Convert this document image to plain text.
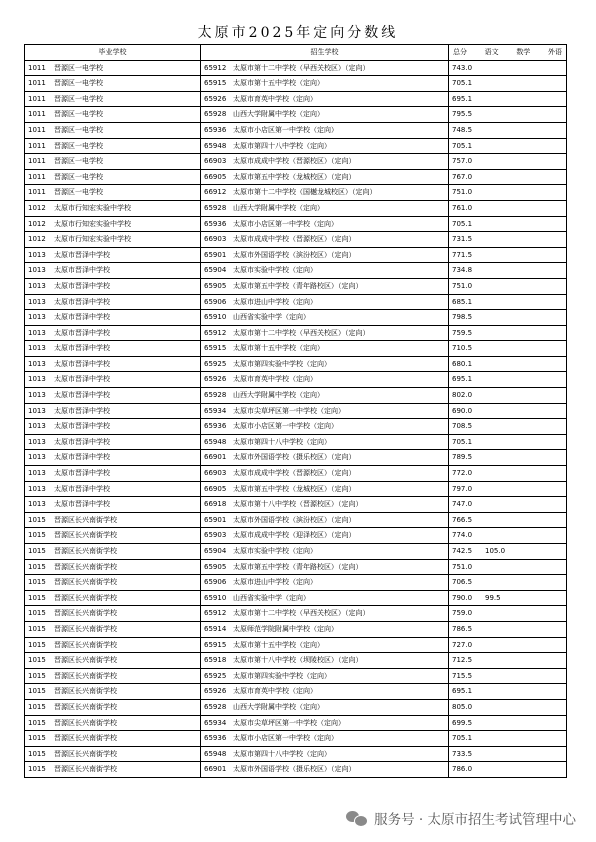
太原市2025年定向分数线
毕业学校	招生学校	总分 语文 数学 外语

1011 晋源区一电学校	65912 太原市第十二中学校（早西关校区）（定向）	743.0

1011 晋源区一电学校	65915 太原市第十五中学校（定向）	705.1

1011 晋源区一电学校	65926 太原市育英中学校（定向）	695.1

1011 晋源区一电学校	65928 山西大学附属中学校（定向）	795.5

1011 晋源区一电学校	65936 太原市小店区第一中学校（定向）	748.5

1011 晋源区一电学校	65948 太原市第四十八中学校（定向）	705.1

1011 晋源区一电学校	66903 太原市成成中学校（晋源校区）（定向）	757.0

1011 晋源区一电学校	66905 太原市第五中学校（龙城校区）（定向）	767.0

1011 晋源区一电学校	66912 太原市第十二中学校（国樾龙城校区）（定向）	751.0

1012 太原市行知宏实验中学校	65928 山西大学附属中学校（定向）	761.0

1012 太原市行知宏实验中学校	65936 太原市小店区第一中学校（定向）	705.1

1012 太原市行知宏实验中学校	66903 太原市成成中学校（晋源校区）（定向）	731.5

1013 太原市晋泽中学校	65901 太原市外国语学校（滨汾校区）（定向）	771.5

1013 太原市晋泽中学校	65904 太原市实验中学校（定向）	734.8

1013 太原市晋泽中学校	65905 太原市第五中学校（青年路校区）（定向）	751.0

1013 太原市晋泽中学校	65906 太原市进山中学校（定向）	685.1

1013 太原市晋泽中学校	65910 山西省实验中学（定向）	798.5

1013 太原市晋泽中学校	65912 太原市第十二中学校（早西关校区）（定向）	759.5

1013 太原市晋泽中学校	65915 太原市第十五中学校（定向）	710.5

1013 太原市晋泽中学校	65925 太原市第四实验中学校（定向）	680.1

1013 太原市晋泽中学校	65926 太原市育英中学校（定向）	695.1

1013 太原市晋泽中学校	65928 山西大学附属中学校（定向）	802.0

1013 太原市晋泽中学校	65934 太原市尖草坪区第一中学校（定向）	690.0

1013 太原市晋泽中学校	65936 太原市小店区第一中学校（定向）	708.5

1013 太原市晋泽中学校	65948 太原市第四十八中学校（定向）	705.1

1013 太原市晋泽中学校	66901 太原市外国语学校（摄乐校区）（定向）	789.5

1013 太原市晋泽中学校	66903 太原市成成中学校（晋源校区）（定向）	772.0

1013 太原市晋泽中学校	66905 太原市第五中学校（龙城校区）（定向）	797.0

1013 太原市晋泽中学校	66918 太原市第十八中学校（晋源校区）（定向）	747.0

1015 晋源区长兴南街学校	65901 太原市外国语学校（滨汾校区）（定向）	766.5

1015 晋源区长兴南街学校	65903 太原市成成中学校（迎泽校区）（定向）	774.0

1015 晋源区长兴南街学校	65904 太原市实验中学校（定向）	742.5 105.0

1015 晋源区长兴南街学校	65905 太原市第五中学校（青年路校区）（定向）	751.0

1015 晋源区长兴南街学校	65906 太原市进山中学校（定向）	706.5

1015 晋源区长兴南街学校	65910 山西省实验中学（定向）	790.0 99.5

1015 晋源区长兴南街学校	65912 太原市第十二中学校（早西关校区）（定向）	759.0

1015 晋源区长兴南街学校	65914 太原师范学院附属中学校（定向）	786.5

1015 晋源区长兴南街学校	65915 太原市第十五中学校（定向）	727.0

1015 晋源区长兴南街学校	65918 太原市第十八中学校（坝陵校区）（定向）	712.5

1015 晋源区长兴南街学校	65925 太原市第四实验中学校（定向）	715.5

1015 晋源区长兴南街学校	65926 太原市育英中学校（定向）	695.1

1015 晋源区长兴南街学校	65928 山西大学附属中学校（定向）	805.0

1015 晋源区长兴南街学校	65934 太原市尖草坪区第一中学校（定向）	699.5

1015 晋源区长兴南街学校	65936 太原市小店区第一中学校（定向）	705.1

1015 晋源区长兴南街学校	65948 太原市第四十八中学校（定向）	733.5

1015 晋源区长兴南街学校	66901 太原市外国语学校（摄乐校区）（定向）	786.0
服务号 · 太原市招生考试管理中心
